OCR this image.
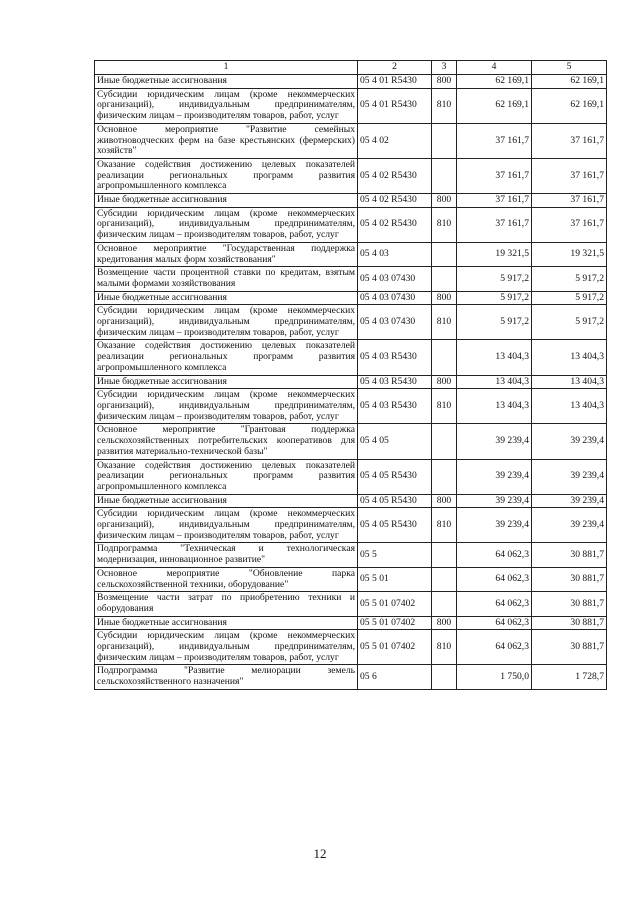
1	2	3	4	5
Иные бюджетные ассигнования	05 4 01 R5430	800	62 169,1	62 169,1
Субсидии юридическим лицам (кроме некоммерческих организаций), индивидуальным предпринимателям, физическим лицам – производителям товаров, работ, услуг	05 4 01 R5430	810	62 169,1	62 169,1
Основное мероприятие "Развитие семейных животноводческих ферм на базе крестьянских (фермерских) хозяйств"	05 4 02		37 161,7	37 161,7
Оказание содействия достижению целевых показателей реализации региональных программ развития агропромышленного комплекса	05 4 02 R5430		37 161,7	37 161,7
Иные бюджетные ассигнования	05 4 02 R5430	800	37 161,7	37 161,7
Субсидии юридическим лицам (кроме некоммерческих организаций), индивидуальным предпринимателям, физическим лицам – производителям товаров, работ, услуг	05 4 02 R5430	810	37 161,7	37 161,7
Основное мероприятие "Государственная поддержка кредитования малых форм хозяйствования"	05 4 03		19 321,5	19 321,5
Возмещение части процентной ставки по кредитам, взятым малыми формами хозяйствования	05 4 03 07430		5 917,2	5 917,2
Иные бюджетные ассигнования	05 4 03 07430	800	5 917,2	5 917,2
Субсидии юридическим лицам (кроме некоммерческих организаций), индивидуальным предпринимателям, физическим лицам – производителям товаров, работ, услуг	05 4 03 07430	810	5 917,2	5 917,2
Оказание содействия достижению целевых показателей реализации региональных программ развития агропромышленного комплекса	05 4 03 R5430		13 404,3	13 404,3
Иные бюджетные ассигнования	05 4 03 R5430	800	13 404,3	13 404,3
Субсидии юридическим лицам (кроме некоммерческих организаций), индивидуальным предпринимателям, физическим лицам – производителям товаров, работ, услуг	05 4 03 R5430	810	13 404,3	13 404,3
Основное мероприятие "Грантовая поддержка сельскохозяйственных потребительских кооперативов для развития материально-технической базы"	05 4 05		39 239,4	39 239,4
Оказание содействия достижению целевых показателей реализации региональных программ развития агропромышленного комплекса	05 4 05 R5430		39 239,4	39 239,4
Иные бюджетные ассигнования	05 4 05 R5430	800	39 239,4	39 239,4
Субсидии юридическим лицам (кроме некоммерческих организаций), индивидуальным предпринимателям, физическим лицам – производителям товаров, работ, услуг	05 4 05 R5430	810	39 239,4	39 239,4
Подпрограмма "Техническая и технологическая модернизация, инновационное развитие"	05 5		64 062,3	30 881,7
Основное мероприятие "Обновление парка сельскохозяйственной техники, оборудование"	05 5 01		64 062,3	30 881,7
Возмещение части затрат по приобретению техники и оборудования	05 5 01 07402		64 062,3	30 881,7
Иные бюджетные ассигнования	05 5 01 07402	800	64 062,3	30 881,7
Субсидии юридическим лицам (кроме некоммерческих организаций), индивидуальным предпринимателям, физическим лицам – производителям товаров, работ, услуг	05 5 01 07402	810	64 062,3	30 881,7
Подпрограмма "Развитие мелиорации земель сельскохозяйственного назначения"	05 6		1 750,0	1 728,7
12
